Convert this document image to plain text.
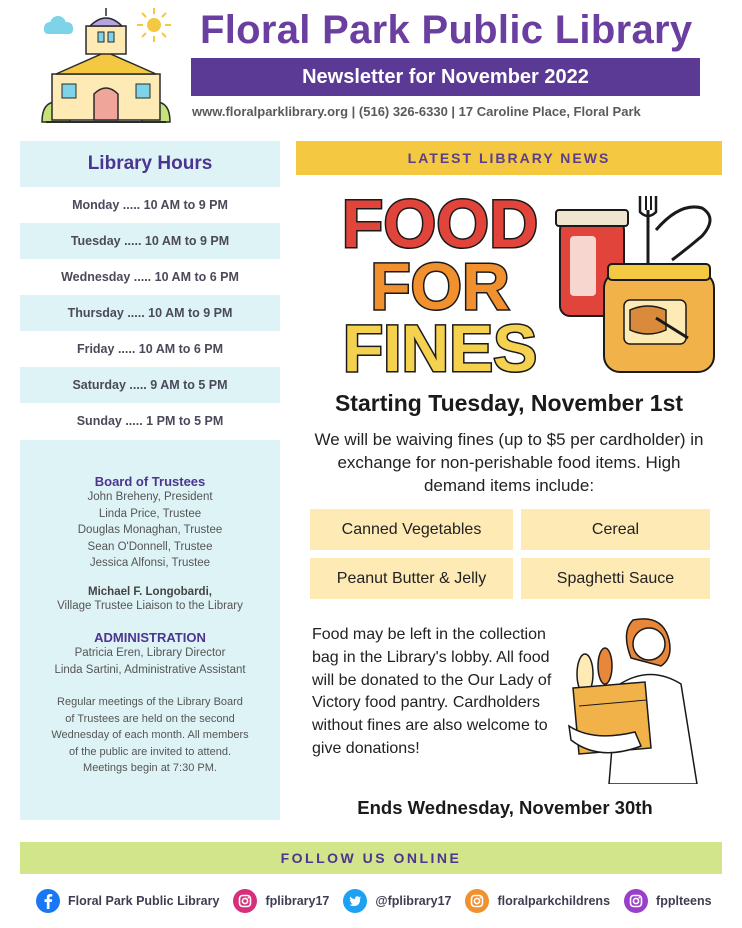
Floral Park Public Library
Newsletter for November 2022
www.floralparklibrary.org | (516) 326-6330 | 17 Caroline Place, Floral Park
Library Hours
Monday ..... 10 AM to 9 PM
Tuesday ..... 10 AM to 9 PM
Wednesday ..... 10 AM to 6 PM
Thursday ..... 10 AM to 9 PM
Friday ..... 10 AM to 6 PM
Saturday ..... 9 AM to 5 PM
Sunday ..... 1 PM to 5 PM
Board of Trustees
John Breheny, President
Linda Price, Trustee
Douglas Monaghan, Trustee
Sean O'Donnell, Trustee
Jessica Alfonsi, Trustee
Michael F. Longobardi,
Village Trustee Liaison to the Library
ADMINISTRATION
Patricia Eren, Library Director
Linda Sartini, Administrative Assistant
Regular meetings of the Library Board
of Trustees are held on the second
Wednesday of each month. All members
of the public are invited to attend.
Meetings begin at 7:30 PM.
LATEST LIBRARY NEWS
FOOD
FOR
FINES
Starting Tuesday, November 1st
We will be waiving fines (up to $5 per cardholder) in exchange for non-perishable food items. High demand items include:
Canned Vegetables	Cereal
Peanut Butter & Jelly	Spaghetti Sauce
Food may be left in the collection bag in the Library's lobby. All food will be donated to the Our Lady of Victory food pantry. Cardholders without fines are also welcome to give donations!
Ends Wednesday, November 30th
FOLLOW US ONLINE
Floral Park Public Library	fplibrary17	@fplibrary17	floralparkchildrens	fpplteens
